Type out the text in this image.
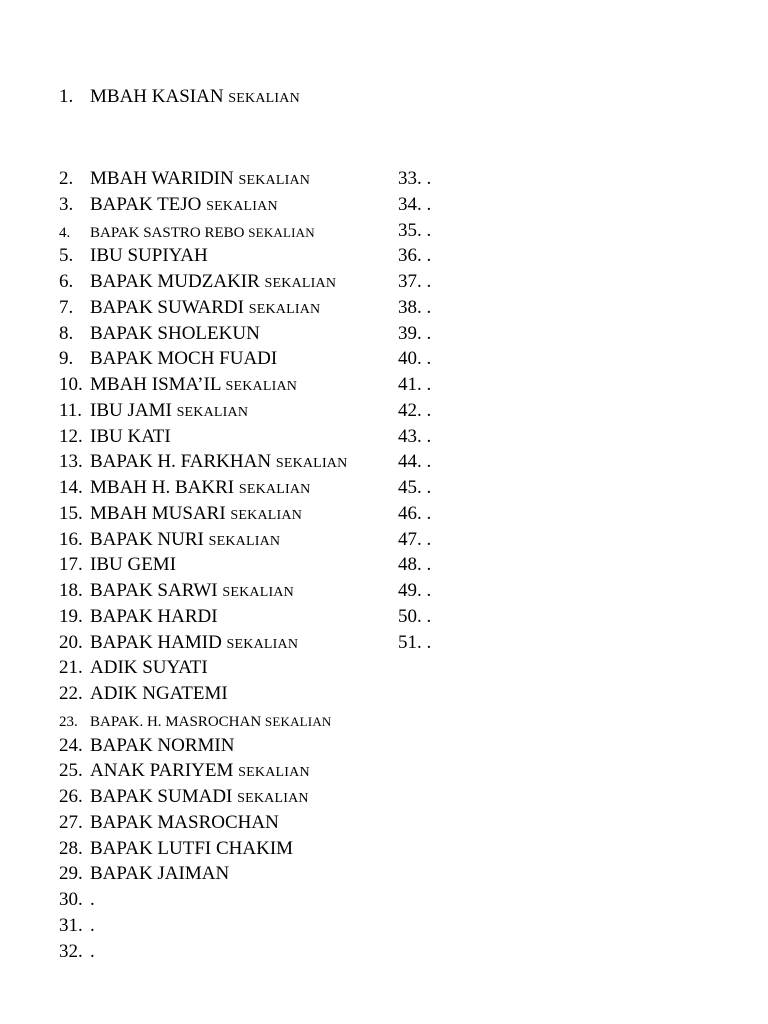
1. MBAH KASIAN SEKALIAN
2. MBAH WARIDIN SEKALIAN
3. BAPAK TEJO SEKALIAN
4. BAPAK SASTRO REBO SEKALIAN
5. IBU SUPIYAH
6. BAPAK MUDZAKIR SEKALIAN
7. BAPAK SUWARDI SEKALIAN
8. BAPAK SHOLEKUN
9. BAPAK MOCH FUADI
10. MBAH ISMA’IL SEKALIAN
11. IBU JAMI SEKALIAN
12. IBU KATI
13. BAPAK H. FARKHAN SEKALIAN
14. MBAH H. BAKRI SEKALIAN
15. MBAH MUSARI SEKALIAN
16. BAPAK NURI SEKALIAN
17. IBU GEMI
18. BAPAK SARWI SEKALIAN
19. BAPAK HARDI
20. BAPAK HAMID SEKALIAN
21. ADIK SUYATI
22. ADIK NGATEMI
23. BAPAK. H. MASROCHAN SEKALIAN
24. BAPAK NORMIN
25. ANAK PARIYEM SEKALIAN
26. BAPAK SUMADI SEKALIAN
27. BAPAK MASROCHAN
28. BAPAK LUTFI CHAKIM
29. BAPAK JAIMAN
30. .
31. .
32. .
33. .
34. .
35. .
36. .
37. .
38. .
39. .
40. .
41. .
42. .
43. .
44. .
45. .
46. .
47. .
48. .
49. .
50. .
51. .
